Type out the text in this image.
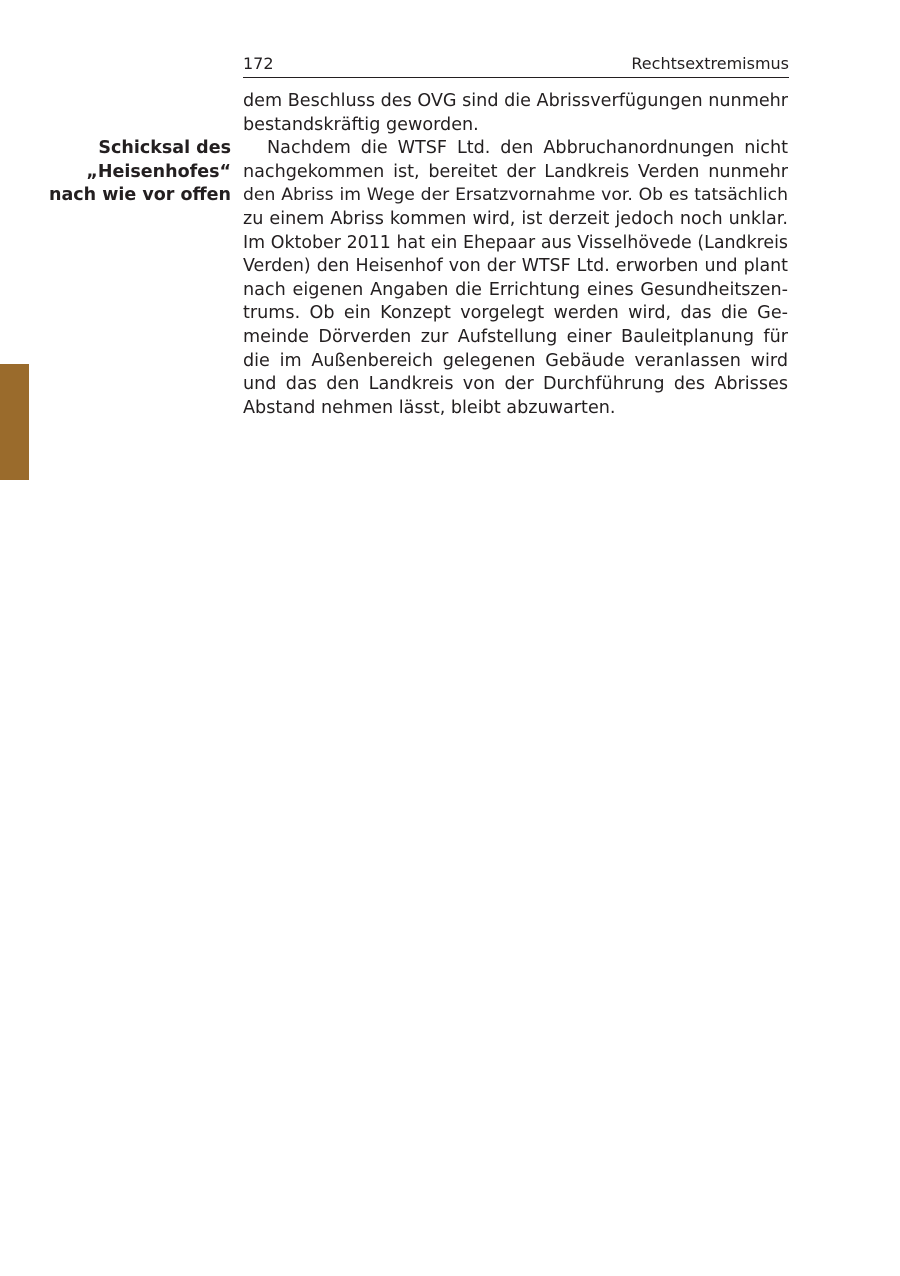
172	Rechtsextremismus
Schicksal des
„Heisenhofes“
nach wie vor offen
dem Beschluss des OVG sind die Abrissverfügungen nunmehr
bestandskräftig geworden.
Nachdem die WTSF Ltd. den Abbruchanordnungen nicht
nachgekommen ist, bereitet der Landkreis Verden nunmehr
den Abriss im Wege der Ersatzvornahme vor. Ob es tatsächlich
zu einem Abriss kommen wird, ist derzeit jedoch noch unklar.
Im Oktober 2011 hat ein Ehepaar aus Visselhövede (Landkreis
Verden) den Heisenhof von der WTSF Ltd. erworben und plant
nach eigenen Angaben die Errichtung eines Gesundheitszen-
trums. Ob ein Konzept vorgelegt werden wird, das die Ge-
meinde Dörverden zur Aufstellung einer Bauleitplanung für
die im Außenbereich gelegenen Gebäude veranlassen wird
und das den Landkreis von der Durchführung des Abrisses
Abstand nehmen lässt, bleibt abzuwarten.
